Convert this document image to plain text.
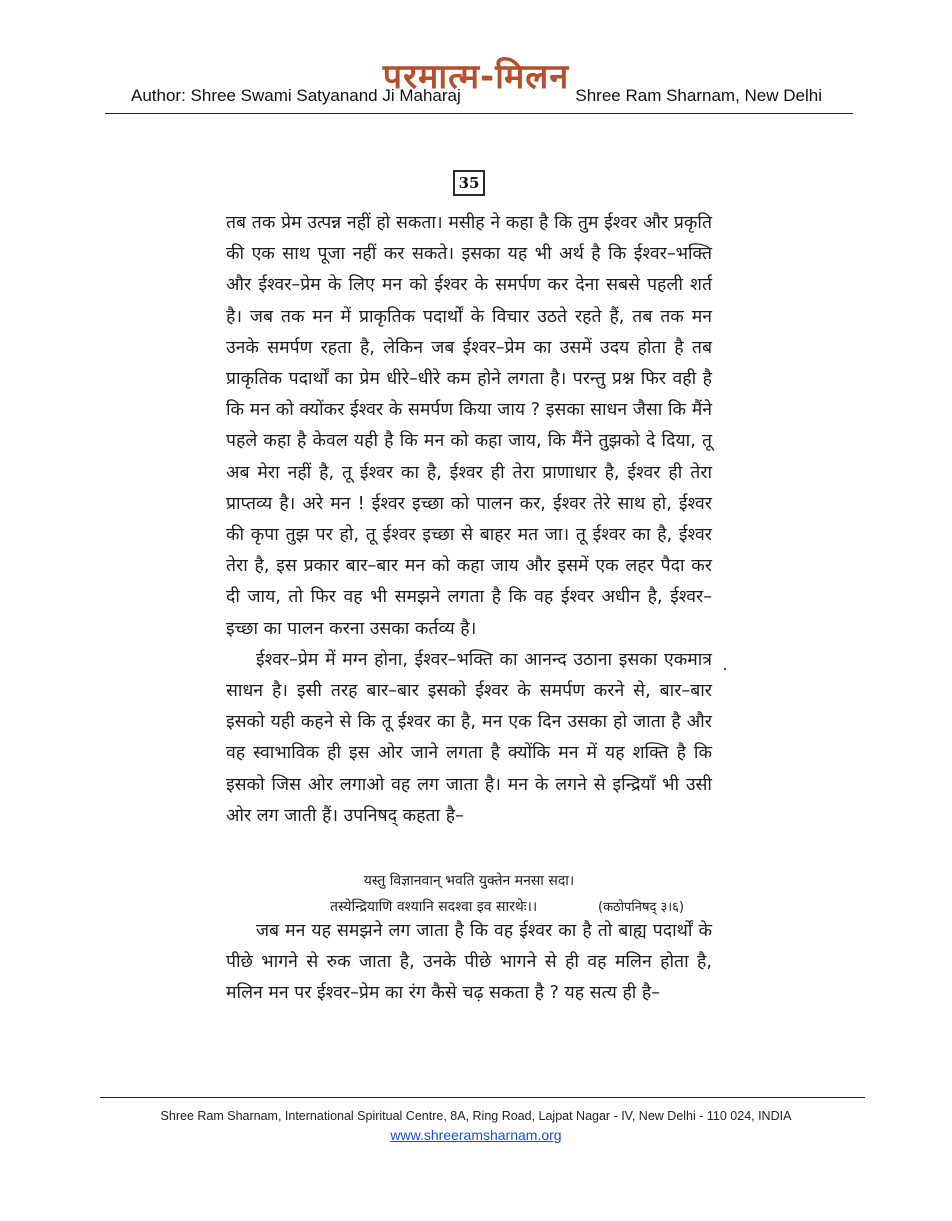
परमात्म-मिलन
Author: Shree Swami Satyanand Ji Maharaj	Shree Ram Sharnam, New Delhi
35

तब तक प्रेम उत्पन्न नहीं हो सकता। मसीह ने कहा है कि तुम ईश्वर और प्रकृति की एक साथ पूजा नहीं कर सकते। इसका यह भी अर्थ है कि ईश्वर–भक्ति और ईश्वर–प्रेम के लिए मन को ईश्वर के समर्पण कर देना सबसे पहली शर्त है। जब तक मन में प्राकृतिक पदार्थों के विचार उठते रहते हैं, तब तक मन उनके समर्पण रहता है, लेकिन जब ईश्वर–प्रेम का उसमें उदय होता है तब प्राकृतिक पदार्थों का प्रेम धीरे–धीरे कम होने लगता है। परन्तु प्रश्न फिर वही है कि मन को क्योंकर ईश्वर के समर्पण किया जाय ? इसका साधन जैसा कि मैंने पहले कहा है केवल यही है कि मन को कहा जाय, कि मैंने तुझको दे दिया, तू अब मेरा नहीं है, तू ईश्वर का है, ईश्वर ही तेरा प्राणाधार है, ईश्वर ही तेरा प्राप्तव्य है। अरे मन ! ईश्वर इच्छा को पालन कर, ईश्वर तेरे साथ हो, ईश्वर की कृपा तुझ पर हो, तू ईश्वर इच्छा से बाहर मत जा। तू ईश्वर का है, ईश्वर तेरा है, इस प्रकार बार–बार मन को कहा जाय और इसमें एक लहर पैदा कर दी जाय, तो फिर वह भी समझने लगता है कि वह ईश्वर अधीन है, ईश्वर–इच्छा का पालन करना उसका कर्तव्य है।

ईश्वर–प्रेम में मग्न होना, ईश्वर–भक्ति का आनन्द उठाना इसका एकमात्र साधन है। इसी तरह बार–बार इसको ईश्वर के समर्पण करने से, बार–बार इसको यही कहने से कि तू ईश्वर का है, मन एक दिन उसका हो जाता है और वह स्वाभाविक ही इस ओर जाने लगता है क्योंकि मन में यह शक्ति है कि इसको जिस ओर लगाओ वह लग जाता है। मन के लगने से इन्द्रियाँ भी उसी ओर लग जाती हैं। उपनिषद् कहता है–

यस्तु विज्ञानवान् भवति युक्तेन मनसा सदा।
तस्येन्द्रियाणि वश्यानि सदश्वा इव सारथेः।।	(कठोपनिषद् ३।६)

जब मन यह समझने लग जाता है कि वह ईश्वर का है तो बाह्य पदार्थों के पीछे भागने से रुक जाता है, उनके पीछे भागने से ही वह मलिन होता है, मलिन मन पर ईश्वर–प्रेम का रंग कैसे चढ़ सकता है ? यह सत्य ही है–

Shree Ram Sharnam, International Spiritual Centre, 8A, Ring Road, Lajpat Nagar - IV, New Delhi - 110 024, INDIA
www.shreeramsharnam.org
